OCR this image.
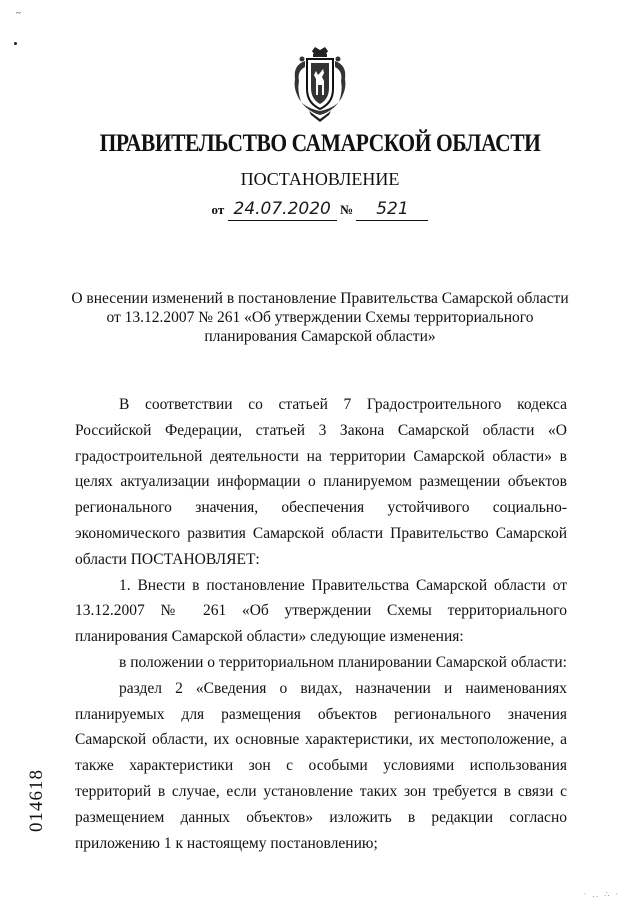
~
ПРАВИТЕЛЬСТВО САМАРСКОЙ ОБЛАСТИ
ПОСТАНОВЛЕНИЕ
от 24.07.2020 № 521
О внесении изменений в постановление Правительства Самарской области
от 13.12.2007 № 261 «Об утверждении Схемы территориального
планирования Самарской области»

В соответствии со статьей 7 Градостроительного кодекса Российской Федерации, статьей 3 Закона Самарской области «О градостроительной деятельности на территории Самарской области» в целях актуализации информации о планируемом размещении объектов регионального значения, обеспечения устойчивого социально-экономического развития Самарской области Правительство Самарской области ПОСТАНОВЛЯЕТ:

1. Внести в постановление Правительства Самарской области от 13.12.2007 № 261 «Об утверждении Схемы территориального планирования Самарской области» следующие изменения:

в положении о территориальном планировании Самарской области:

раздел 2 «Сведения о видах, назначении и наименованиях планируемых для размещения объектов регионального значения Самарской области, их основные характеристики, их местоположение, а также характеристики зон с особыми условиями использования территорий в случае, если установление таких зон требуется в связи с размещением данных объектов» изложить в редакции согласно приложению 1 к настоящему постановлению;

014618
· .. ∴ ·
